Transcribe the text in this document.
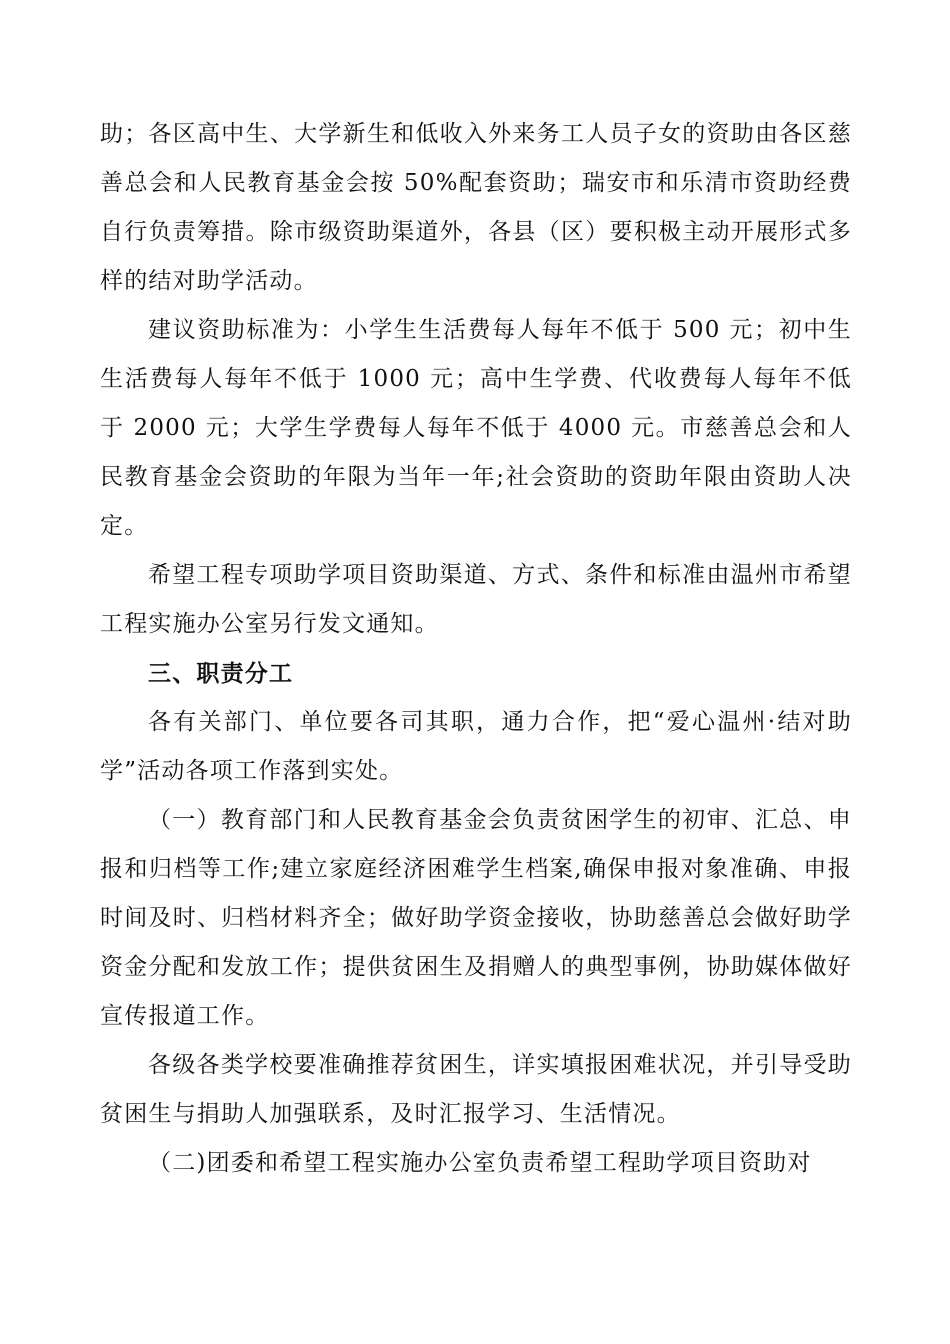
助；各区高中生、大学新生和低收入外来务工人员子女的资助由各区慈善总会和人民教育基金会按 50%配套资助；瑞安市和乐清市资助经费自行负责筹措。除市级资助渠道外，各县（区）要积极主动开展形式多样的结对助学活动。

建议资助标准为：小学生生活费每人每年不低于 500 元；初中生生活费每人每年不低于 1000 元；高中生学费、代收费每人每年不低于 2000 元；大学生学费每人每年不低于 4000 元。市慈善总会和人民教育基金会资助的年限为当年一年;社会资助的资助年限由资助人决定。

希望工程专项助学项目资助渠道、方式、条件和标准由温州市希望工程实施办公室另行发文通知。

三、职责分工

各有关部门、单位要各司其职，通力合作，把“爱心温州·结对助学”活动各项工作落到实处。

（一）教育部门和人民教育基金会负责贫困学生的初审、汇总、申报和归档等工作;建立家庭经济困难学生档案,确保申报对象准确、申报时间及时、归档材料齐全；做好助学资金接收，协助慈善总会做好助学资金分配和发放工作；提供贫困生及捐赠人的典型事例，协助媒体做好宣传报道工作。

各级各类学校要准确推荐贫困生，详实填报困难状况，并引导受助贫困生与捐助人加强联系，及时汇报学习、生活情况。

（二)团委和希望工程实施办公室负责希望工程助学项目资助对
